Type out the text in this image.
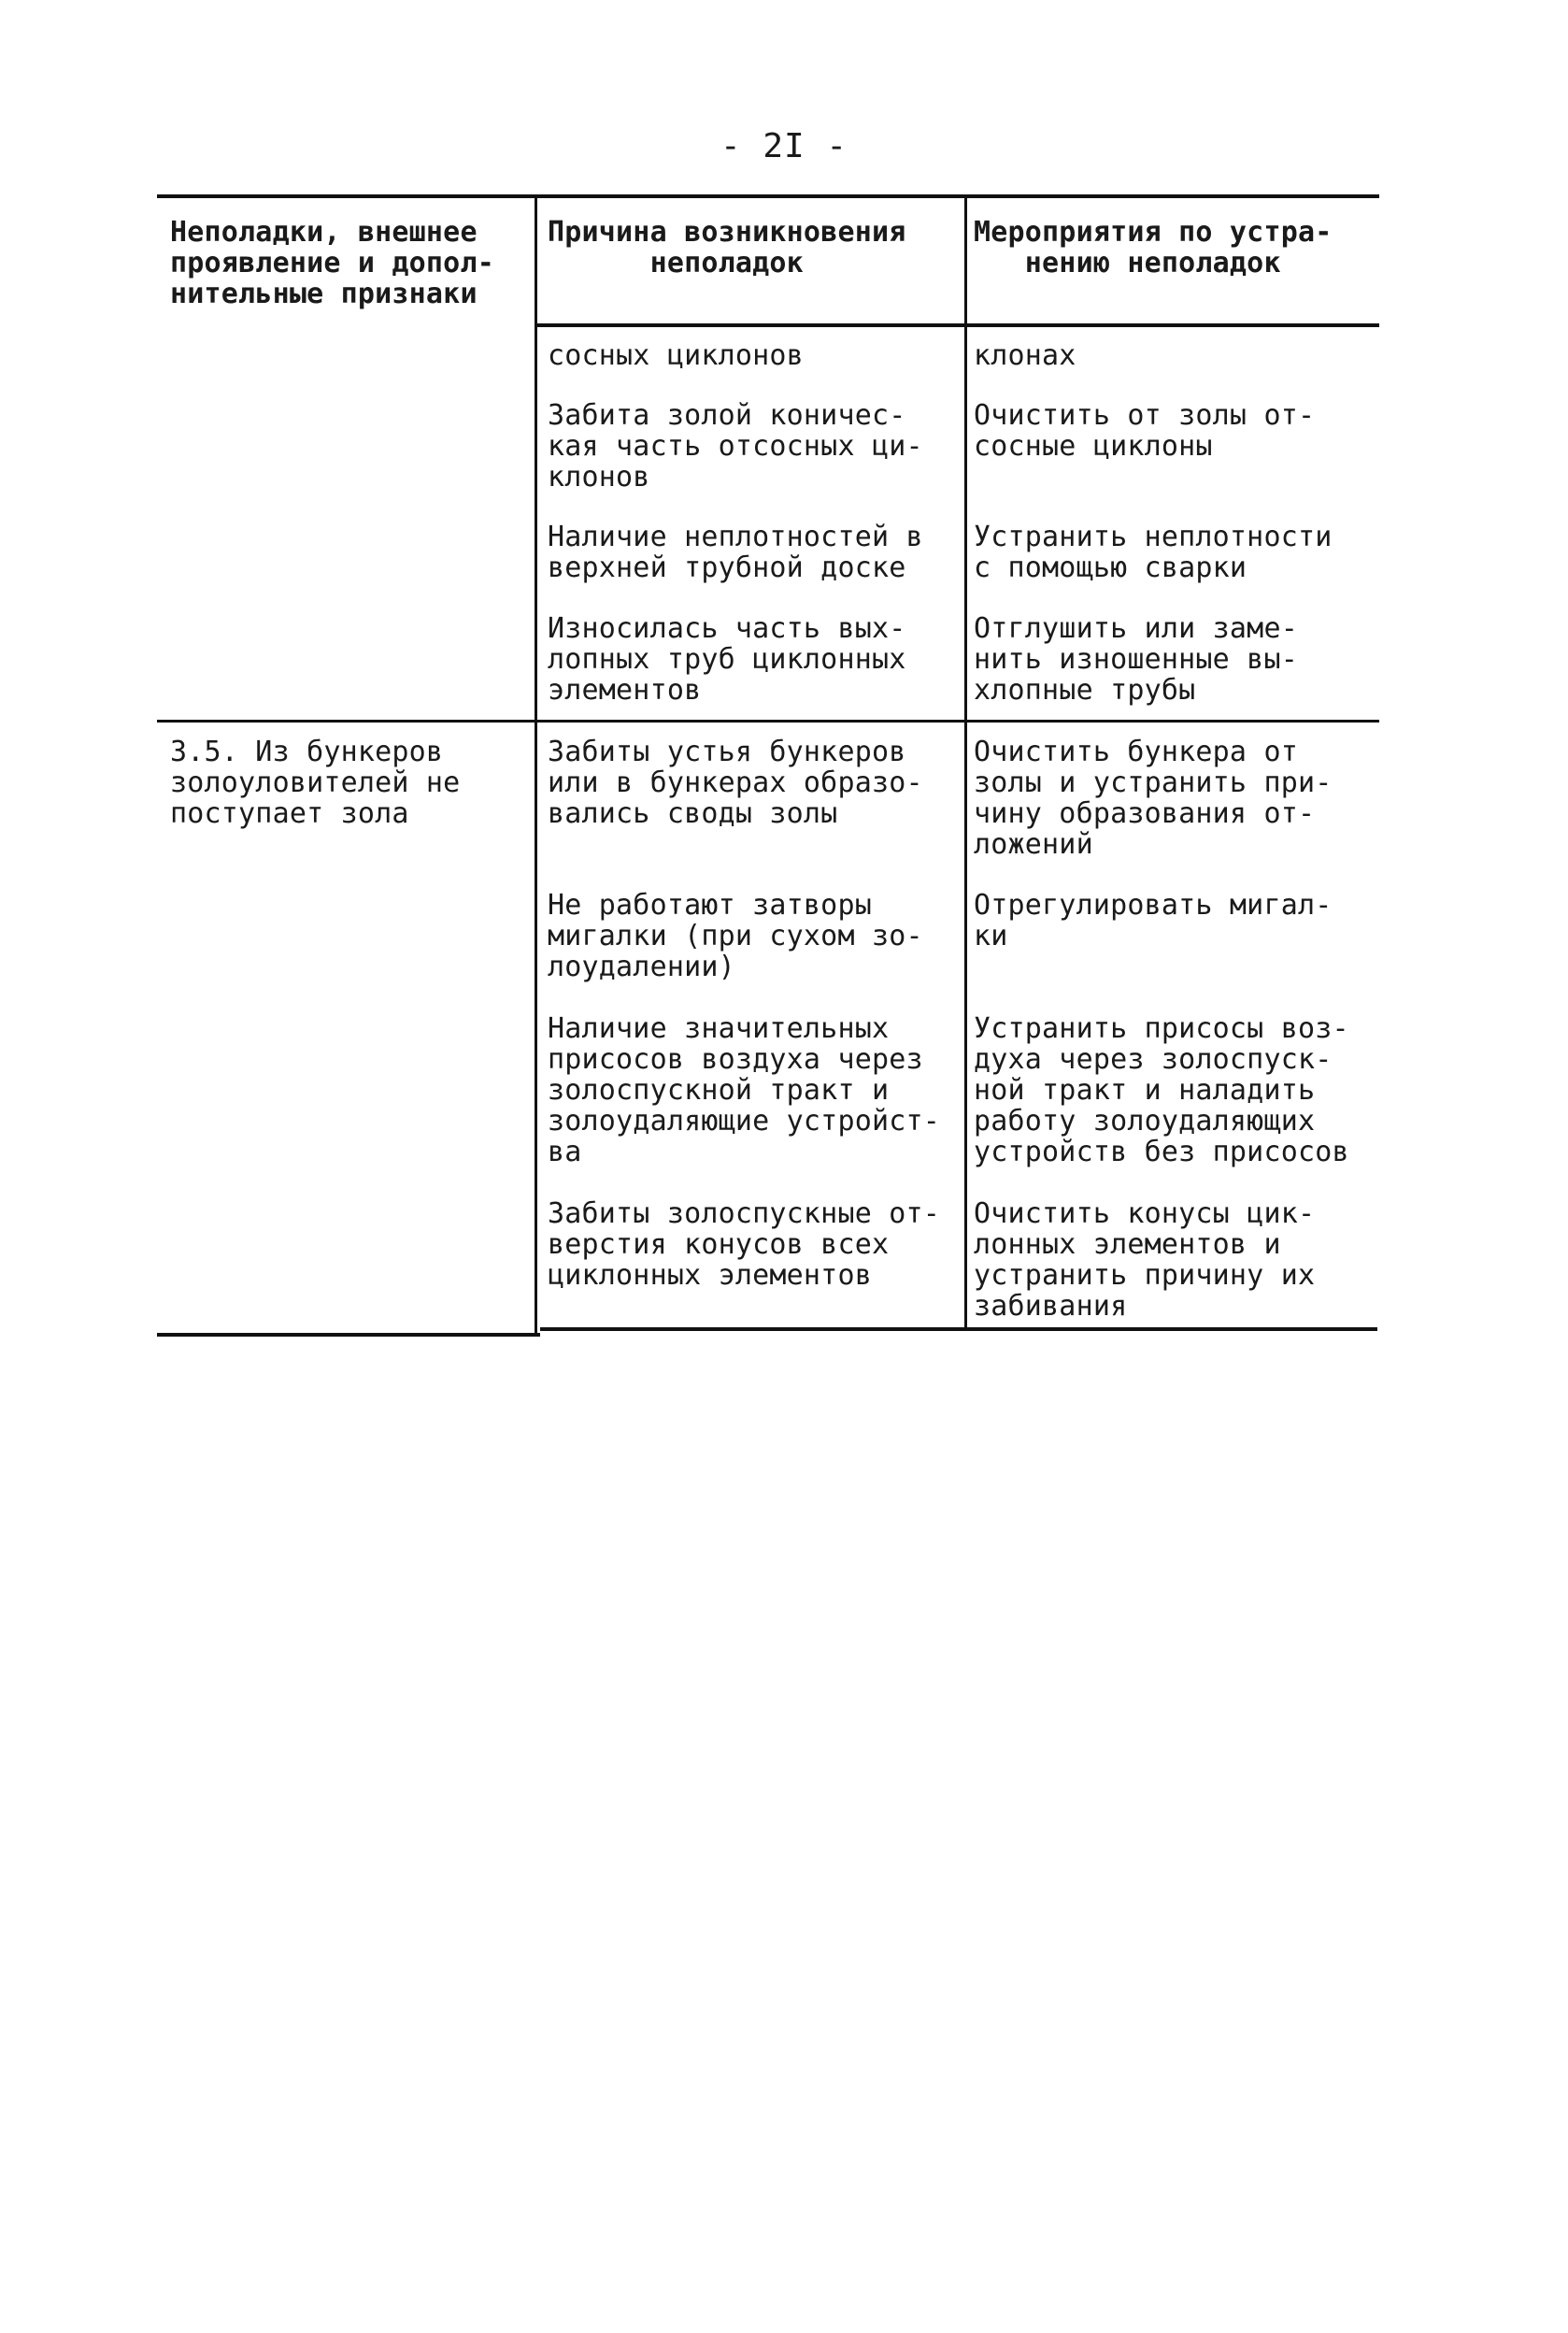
- 2I -
Неполадки, внешнее
проявление и допол-
нительные признаки
Причина возникновения
неполадок
Мероприятия по устра-
нению неполадок
сосных циклонов	клонах
Забита золой коничес-
кая часть отсосных ци-
клонов
Очистить от золы от-
сосные циклоны
Наличие неплотностей в
верхней трубной доске
Устранить неплотности
с помощью сварки
Износилась часть вых-
лопных труб циклонных
элементов
Отглушить или заме-
нить изношенные вы-
хлопные трубы
3.5. Из бункеров
золоуловителей не
поступает зола
Забиты устья бункеров
или в бункерах образо-
вались своды золы
Очистить бункера от
золы и устранить при-
чину образования от-
ложений
Не работают затворы
мигалки (при сухом зо-
лоудалении)
Отрегулировать мигал-
ки
Наличие значительных
присосов воздуха через
золоспускной тракт и
золоудаляющие устройст-
ва
Устранить присосы воз-
духа через золоспуск-
ной тракт и наладить
работу золоудаляющих
устройств без присосов
Забиты золоспускные от-
верстия конусов всех
циклонных элементов
Очистить конусы цик-
лонных элементов и
устранить причину их
забивания
